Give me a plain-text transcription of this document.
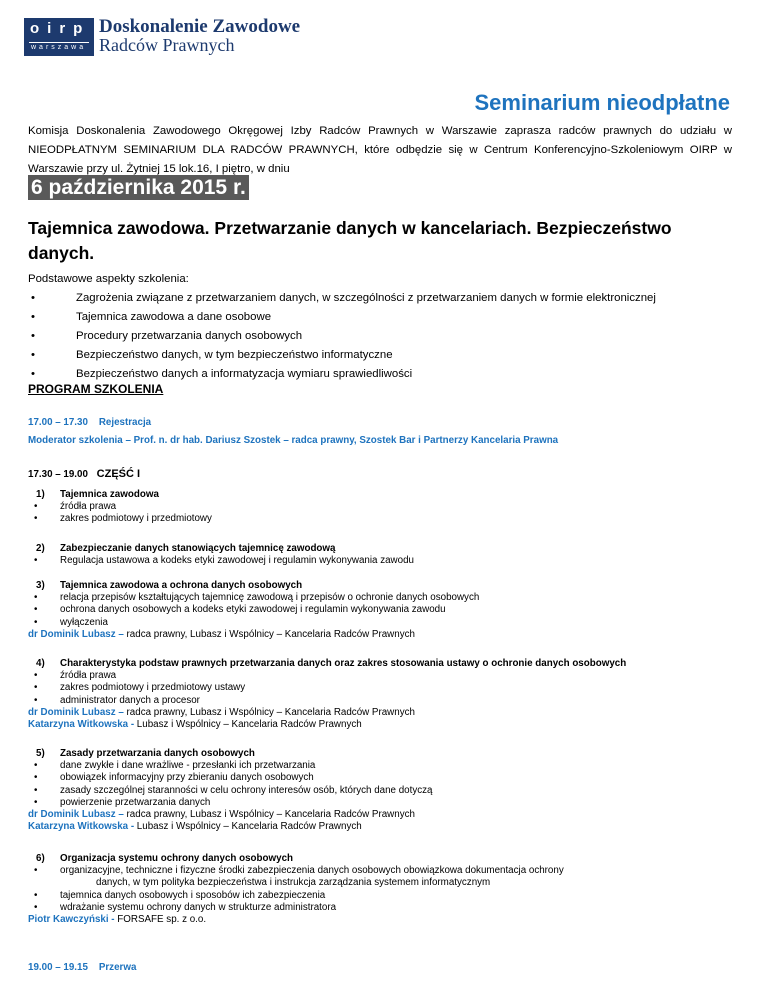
oirp
warszawa
Doskonalenie Zawodowe
Radców Prawnych
Seminarium nieodpłatne
Komisja Doskonalenia Zawodowego Okręgowej Izby Radców Prawnych w Warszawie zaprasza radców prawnych do udziału w NIEODPŁATNYM SEMINARIUM DLA RADCÓW PRAWNYCH, które odbędzie się w Centrum Konferencyjno-Szkoleniowym OIRP w Warszawie przy ul. Żytniej 15 lok.16, I piętro, w dniu
6 października 2015 r.
Tajemnica zawodowa. Przetwarzanie danych w kancelariach. Bezpieczeństwo danych.
Podstawowe aspekty szkolenia:
•	Zagrożenia związane z przetwarzaniem danych, w szczególności z przetwarzaniem danych w formie elektronicznej
•	Tajemnica zawodowa a dane osobowe
•	Procedury przetwarzania danych osobowych
•	Bezpieczeństwo danych, w tym bezpieczeństwo informatyczne
•	Bezpieczeństwo danych a informatyzacja wymiaru sprawiedliwości
PROGRAM SZKOLENIA
17.00 – 17.30 Rejestracja
Moderator szkolenia – Prof. n. dr hab. Dariusz Szostek – radca prawny, Szostek Bar i Partnerzy Kancelaria Prawna
17.30 – 19.00 CZĘŚĆ I
1) Tajemnica zawodowa
•	źródła prawa
•	zakres podmiotowy i przedmiotowy
2) Zabezpieczanie danych stanowiących tajemnicę zawodową
•	Regulacja ustawowa a kodeks etyki zawodowej i regulamin wykonywania zawodu
3) Tajemnica zawodowa a ochrona danych osobowych
•	relacja przepisów kształtujących tajemnicę zawodową i przepisów o ochronie danych osobowych
•	ochrona danych osobowych a kodeks etyki zawodowej i regulamin wykonywania zawodu
•	wyłączenia
dr Dominik Lubasz – radca prawny, Lubasz i Wspólnicy – Kancelaria Radców Prawnych
4) Charakterystyka podstaw prawnych przetwarzania danych oraz zakres stosowania ustawy o ochronie danych osobowych
•	źródła prawa
•	zakres podmiotowy i przedmiotowy ustawy
•	administrator danych a procesor
dr Dominik Lubasz – radca prawny, Lubasz i Wspólnicy – Kancelaria Radców Prawnych
Katarzyna Witkowska - Lubasz i Wspólnicy – Kancelaria Radców Prawnych
5) Zasady przetwarzania danych osobowych
•	dane zwykłe i dane wrażliwe - przesłanki ich przetwarzania
•	obowiązek informacyjny przy zbieraniu danych osobowych
•	zasady szczególnej staranności w celu ochrony interesów osób, których dane dotyczą
•	powierzenie przetwarzania danych
dr Dominik Lubasz – radca prawny, Lubasz i Wspólnicy – Kancelaria Radców Prawnych
Katarzyna Witkowska - Lubasz i Wspólnicy – Kancelaria Radców Prawnych
6) Organizacja systemu ochrony danych osobowych
•	organizacyjne, techniczne i fizyczne środki zabezpieczenia danych osobowych obowiązkowa dokumentacja ochrony
danych, w tym polityka bezpieczeństwa i instrukcja zarządzania systemem informatycznym
•	tajemnica danych osobowych i sposobów ich zabezpieczenia
•	wdrażanie systemu ochrony danych w strukturze administratora
Piotr Kawczyński - FORSAFE sp. z o.o.
19.00 – 19.15 Przerwa
